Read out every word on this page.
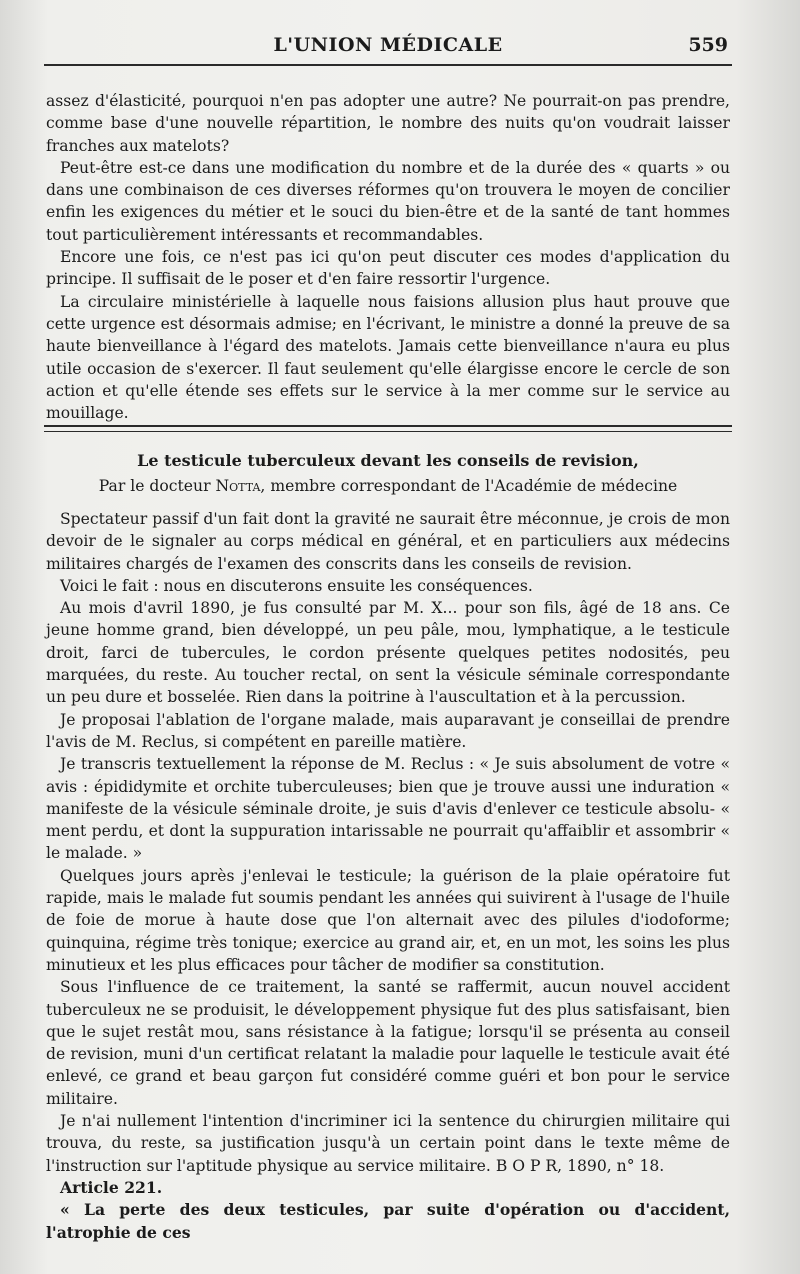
L'UNION MÉDICALE	559

assez d'élasticité, pourquoi n'en pas adopter une autre? Ne pourrait-on pas prendre, comme base d'une nouvelle répartition, le nombre des nuits qu'on voudrait laisser franches aux matelots?

Peut-être est-ce dans une modification du nombre et de la durée des « quarts » ou dans une combinaison de ces diverses réformes qu'on trouvera le moyen de concilier enfin les exigences du métier et le souci du bien-être et de la santé de tant hommes tout particulièrement intéressants et recommandables.

Encore une fois, ce n'est pas ici qu'on peut discuter ces modes d'application du principe. Il suffisait de le poser et d'en faire ressortir l'urgence.

La circulaire ministérielle à laquelle nous faisions allusion plus haut prouve que cette urgence est désormais admise; en l'écrivant, le ministre a donné la preuve de sa haute bienveillance à l'égard des matelots. Jamais cette bienveillance n'aura eu plus utile occasion de s'exercer. Il faut seulement qu'elle élargisse encore le cercle de son action et qu'elle étende ses effets sur le service à la mer comme sur le service au mouillage.

Le testicule tuberculeux devant les conseils de revision,
Par le docteur Notta, membre correspondant de l'Académie de médecine

Spectateur passif d'un fait dont la gravité ne saurait être méconnue, je crois de mon devoir de le signaler au corps médical en général, et en particuliers aux médecins militaires chargés de l'examen des conscrits dans les conseils de revision.

Voici le fait : nous en discuterons ensuite les conséquences.

Au mois d'avril 1890, je fus consulté par M. X... pour son fils, âgé de 18 ans. Ce jeune homme grand, bien développé, un peu pâle, mou, lymphatique, a le testicule droit, farci de tubercules, le cordon présente quelques petites nodosités, peu marquées, du reste. Au toucher rectal, on sent la vésicule séminale correspondante un peu dure et bosselée. Rien dans la poitrine à l'auscultation et à la percussion.

Je proposai l'ablation de l'organe malade, mais auparavant je conseillai de prendre l'avis de M. Reclus, si compétent en pareille matière.

Je transcris textuellement la réponse de M. Reclus : « Je suis absolument de votre « avis : épididymite et orchite tuberculeuses; bien que je trouve aussi une induration « manifeste de la vésicule séminale droite, je suis d'avis d'enlever ce testicule absolu- « ment perdu, et dont la suppuration intarissable ne pourrait qu'affaiblir et assombrir « le malade. »

Quelques jours après j'enlevai le testicule; la guérison de la plaie opératoire fut rapide, mais le malade fut soumis pendant les années qui suivirent à l'usage de l'huile de foie de morue à haute dose que l'on alternait avec des pilules d'iodoforme; quinquina, régime très tonique; exercice au grand air, et, en un mot, les soins les plus minutieux et les plus efficaces pour tâcher de modifier sa constitution.

Sous l'influence de ce traitement, la santé se raffermit, aucun nouvel accident tuberculeux ne se produisit, le développement physique fut des plus satisfaisant, bien que le sujet restât mou, sans résistance à la fatigue; lorsqu'il se présenta au conseil de revision, muni d'un certificat relatant la maladie pour laquelle le testicule avait été enlevé, ce grand et beau garçon fut considéré comme guéri et bon pour le service militaire.

Je n'ai nullement l'intention d'incriminer ici la sentence du chirurgien militaire qui trouva, du reste, sa justification jusqu'à un certain point dans le texte même de l'instruction sur l'aptitude physique au service militaire. B O P R, 1890, n° 18.

Article 221.

« La perte des deux testicules, par suite d'opération ou d'accident, l'atrophie de ces
